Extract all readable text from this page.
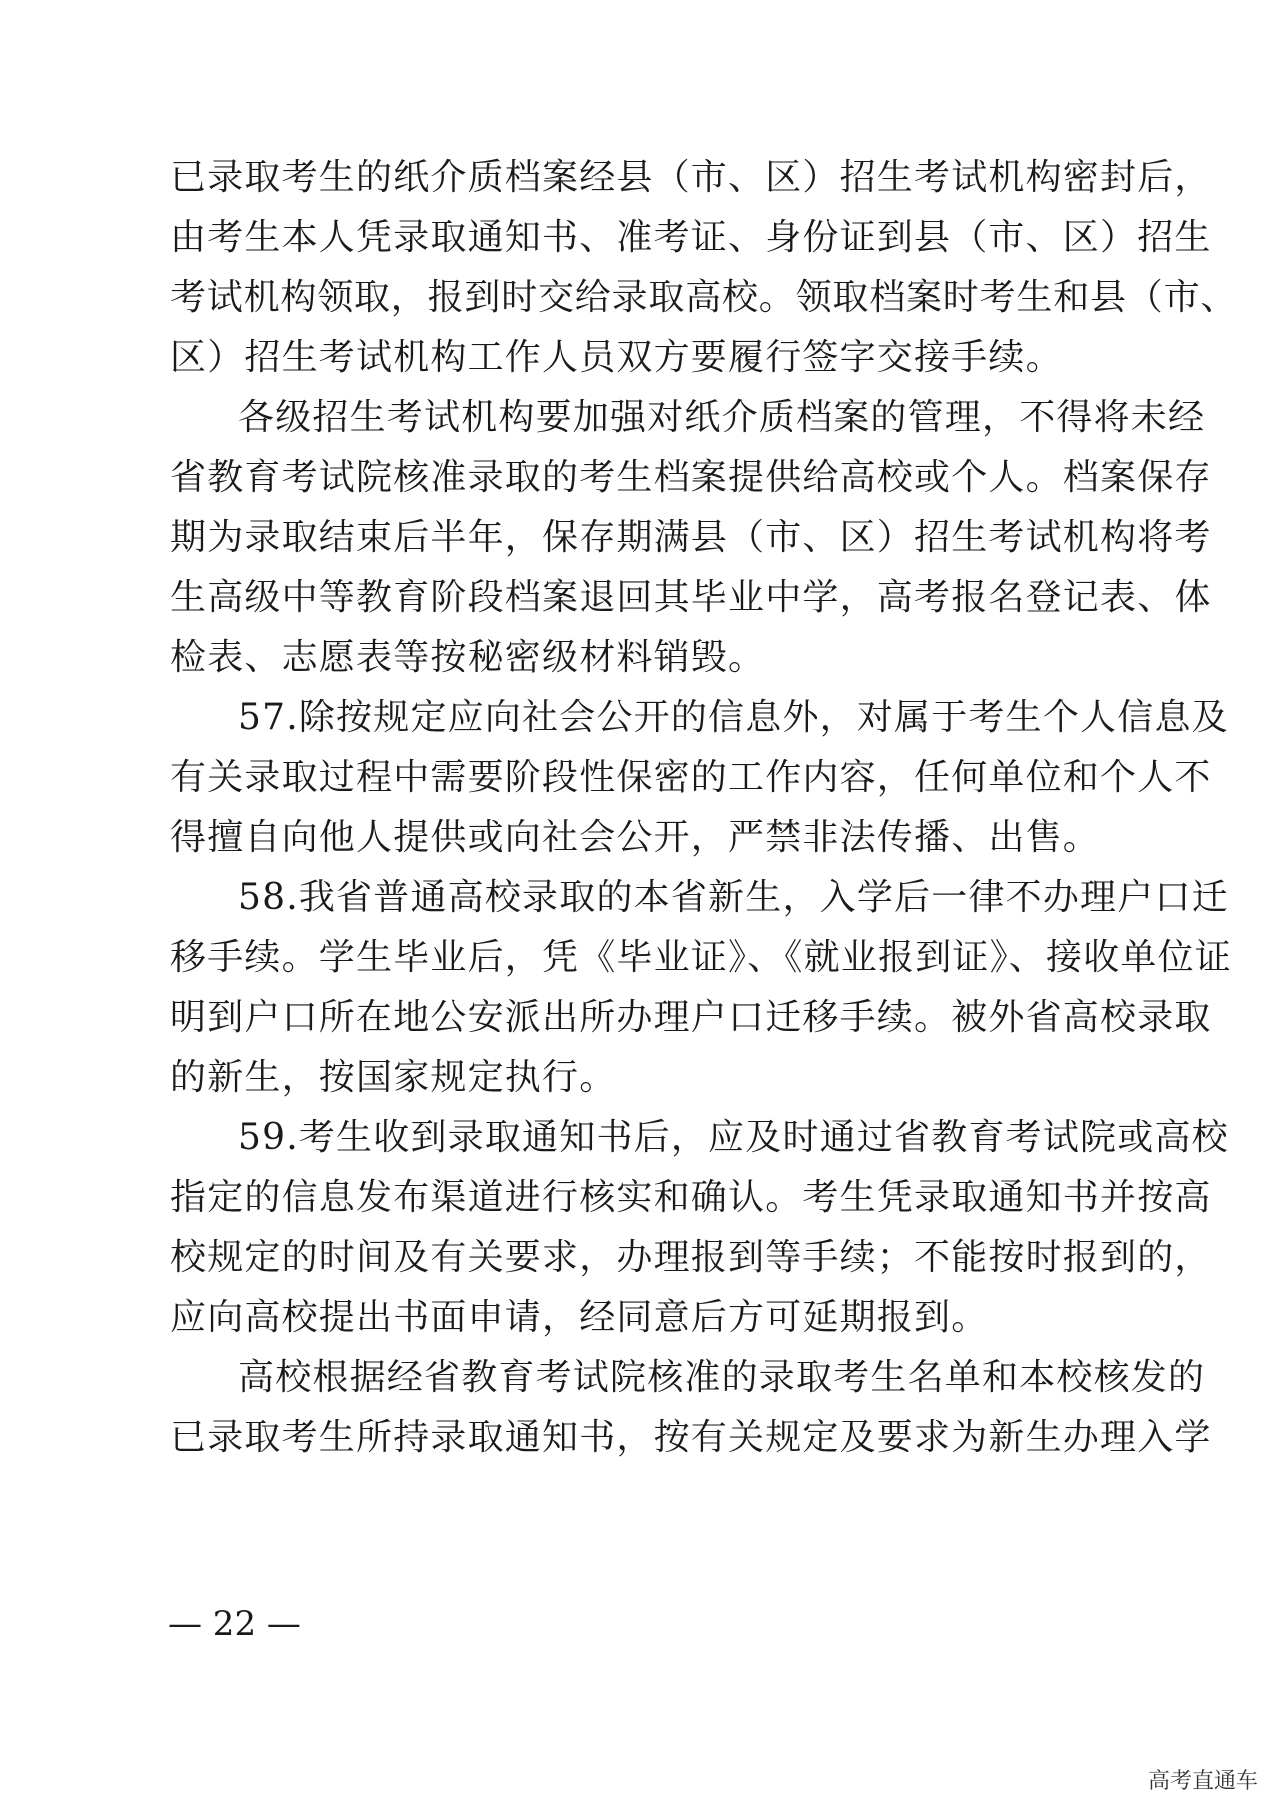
已录取考生的纸介质档案经县（市、区）招生考试机构密封后，
由考生本人凭录取通知书、准考证、身份证到县（市、区）招生
考试机构领取，报到时交给录取高校。领取档案时考生和县（市、
区）招生考试机构工作人员双方要履行签字交接手续。
各级招生考试机构要加强对纸介质档案的管理，不得将未经
省教育考试院核准录取的考生档案提供给高校或个人。档案保存
期为录取结束后半年，保存期满县（市、区）招生考试机构将考
生高级中等教育阶段档案退回其毕业中学，高考报名登记表、体
检表、志愿表等按秘密级材料销毁。
57.除按规定应向社会公开的信息外，对属于考生个人信息及
有关录取过程中需要阶段性保密的工作内容，任何单位和个人不
得擅自向他人提供或向社会公开，严禁非法传播、出售。
58.我省普通高校录取的本省新生，入学后一律不办理户口迁
移手续。学生毕业后，凭《毕业证》、《就业报到证》、接收单位证
明到户口所在地公安派出所办理户口迁移手续。被外省高校录取
的新生，按国家规定执行。
59.考生收到录取通知书后，应及时通过省教育考试院或高校
指定的信息发布渠道进行核实和确认。考生凭录取通知书并按高
校规定的时间及有关要求，办理报到等手续；不能按时报到的，
应向高校提出书面申请，经同意后方可延期报到。
高校根据经省教育考试院核准的录取考生名单和本校核发的
已录取考生所持录取通知书，按有关规定及要求为新生办理入学
— 22 —
高考直通车
